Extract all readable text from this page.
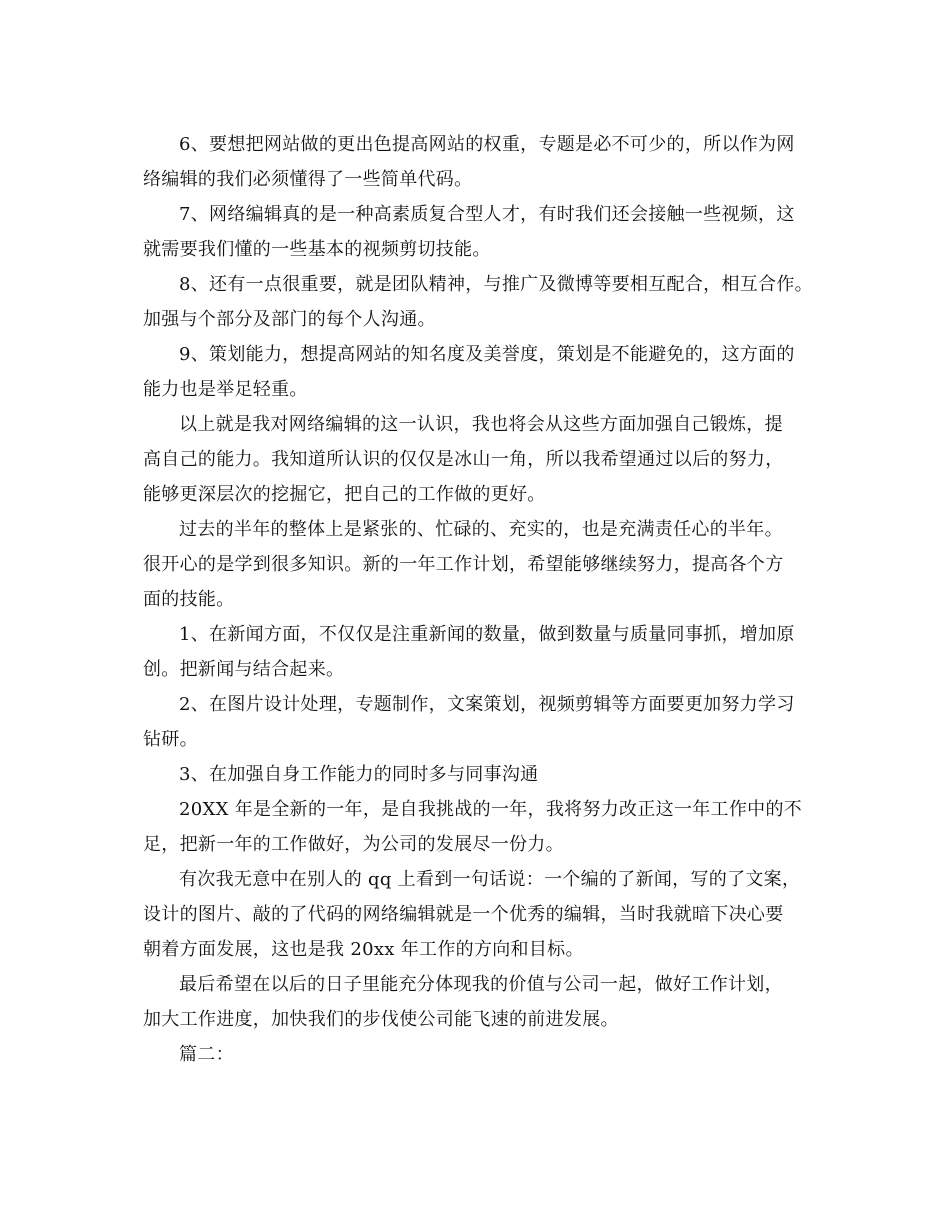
6、要想把网站做的更出色提高网站的权重，专题是必不可少的，所以作为网
络编辑的我们必须懂得了一些简单代码。

7、网络编辑真的是一种高素质复合型人才，有时我们还会接触一些视频，这
就需要我们懂的一些基本的视频剪切技能。

8、还有一点很重要，就是团队精神，与推广及微博等要相互配合，相互合作。
加强与个部分及部门的每个人沟通。

9、策划能力，想提高网站的知名度及美誉度，策划是不能避免的，这方面的
能力也是举足轻重。

以上就是我对网络编辑的这一认识，我也将会从这些方面加强自己锻炼，提
高自己的能力。我知道所认识的仅仅是冰山一角，所以我希望通过以后的努力，
能够更深层次的挖掘它，把自己的工作做的更好。

过去的半年的整体上是紧张的、忙碌的、充实的，也是充满责任心的半年。
很开心的是学到很多知识。新的一年工作计划，希望能够继续努力，提高各个方
面的技能。

1、在新闻方面，不仅仅是注重新闻的数量，做到数量与质量同事抓，增加原
创。把新闻与结合起来。

2、在图片设计处理，专题制作，文案策划，视频剪辑等方面要更加努力学习
钻研。

3、在加强自身工作能力的同时多与同事沟通

20XX 年是全新的一年，是自我挑战的一年，我将努力改正这一年工作中的不
足，把新一年的工作做好，为公司的发展尽一份力。

有次我无意中在别人的 qq 上看到一句话说：一个编的了新闻，写的了文案，
设计的图片、敲的了代码的网络编辑就是一个优秀的编辑，当时我就暗下决心要
朝着方面发展，这也是我 20xx 年工作的方向和目标。

最后希望在以后的日子里能充分体现我的价值与公司一起，做好工作计划，
加大工作进度，加快我们的步伐使公司能飞速的前进发展。

篇二：
